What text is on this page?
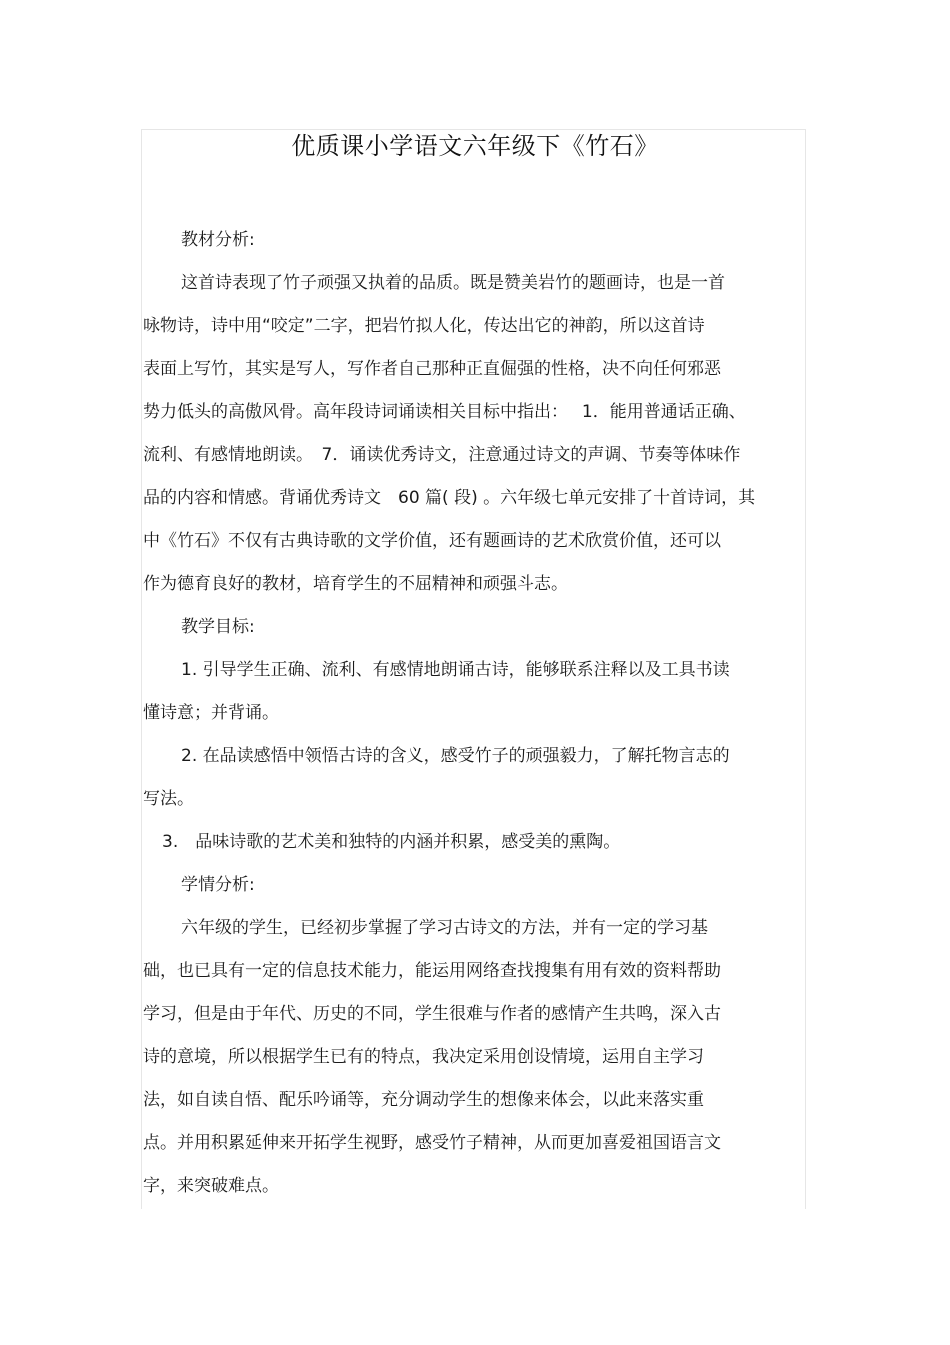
优质课小学语文六年级下《竹石》
教材分析:
这首诗表现了竹子顽强又执着的品质。既是赞美岩竹的题画诗，也是一首
咏物诗，诗中用“咬定”二字，把岩竹拟人化，传达出它的神韵，所以这首诗
表面上写竹，其实是写人，写作者自己那种正直倔强的性格，决不向任何邪恶
势力低头的高傲风骨。高年段诗词诵读相关目标中指出：　 1．能用普通话正确、
流利、有感情地朗读。　7．诵读优秀诗文，注意通过诗文的声调、节奏等体味作
品的内容和情感。背诵优秀诗文　60 篇( 段) 。六年级七单元安排了十首诗词，其
中《竹石》不仅有古典诗歌的文学价值，还有题画诗的艺术欣赏价值，还可以
作为德育良好的教材，培育学生的不屈精神和顽强斗志。
教学目标:
1. 引导学生正确、流利、有感情地朗诵古诗，能够联系注释以及工具书读
懂诗意；并背诵。
2. 在品读感悟中领悟古诗的含义，感受竹子的顽强毅力，了解托物言志的
写法。
3.　品味诗歌的艺术美和独特的内涵并积累，感受美的熏陶。
学情分析:
六年级的学生，已经初步掌握了学习古诗文的方法，并有一定的学习基
础，也已具有一定的信息技术能力，能运用网络查找搜集有用有效的资料帮助
学习，但是由于年代、历史的不同，学生很难与作者的感情产生共鸣，深入古
诗的意境，所以根据学生已有的特点，我决定采用创设情境，运用自主学习
法，如自读自悟、配乐吟诵等，充分调动学生的想像来体会，以此来落实重
点。并用积累延伸来开拓学生视野，感受竹子精神，从而更加喜爱祖国语言文
字，来突破难点。
